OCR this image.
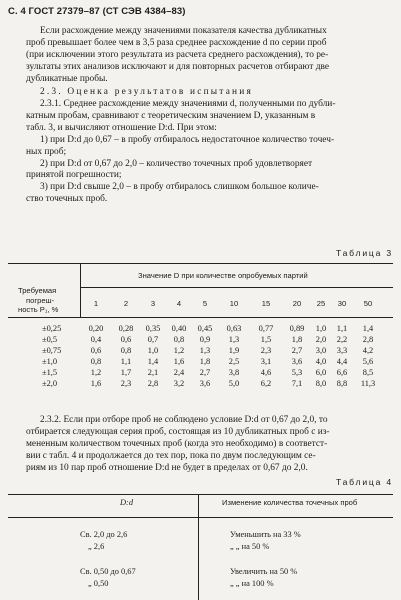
С. 4 ГОСТ 27379–87 (СТ СЭВ 4384–83)
Если расхождение между значениями показателя качества дубликатных
проб превышает более чем в 3,5 раза среднее расхождение d по серии проб
(при исключении этого результата из расчета среднего расхождения), то ре-
зультаты этих анализов исключают и для повторных расчетов отбирают две
дубликатные пробы.
2.3. Оценка результатов испытания
2.3.1. Среднее расхождение между значениями d, полученными по дубли-
катным пробам, сравнивают с теоретическим значением D, указанным в
табл. 3, и вычисляют отношение D:d. При этом:
1) при D:d до 0,67 – в пробу отбиралось недостаточное количество точеч-
ных проб;
2) при D:d от 0,67 до 2,0 – количество точечных проб удовлетворяет
принятой погрешности;
3) при D:d свыше 2,0 – в пробу отбиралось слишком большое количе-
ство точечных проб.
Таблица 3
Значение D при количестве опробуемых партий
Требуемая
погреш-
ность P₁, %
1	2	3	4	5	10	15	20	25	30	50
±0,25	0,20	0,28	0,35	0,40	0,45	0,63	0,77	0,89	1,0	1,1	1,4
±0,5	0,4	0,6	0,7	0,8	0,9	1,3	1,5	1,8	2,0	2,2	2,8
±0,75	0,6	0,8	1,0	1,2	1,3	1,9	2,3	2,7	3,0	3,3	4,2
±1,0	0,8	1,1	1,4	1,6	1,8	2,5	3,1	3,6	4,0	4,4	5,6
±1,5	1,2	1,7	2,1	2,4	2,7	3,8	4,6	5,3	6,0	6,6	8,5
±2,0	1,6	2,3	2,8	3,2	3,6	5,0	6,2	7,1	8,0	8,8	11,3
2.3.2. Если при отборе проб не соблюдено условие D:d от 0,67 до 2,0, то
отбирается следующая серия проб, состоящая из 10 дубликатных проб с из-
мененным количеством точечных проб (когда это необходимо) в соответст-
вии с табл. 4 и продолжается до тех пор, пока по двум последующим се-
риям из 10 пар проб отношение D:d не будет в пределах от 0,67 до 2,0.
Таблица 4
D:d	Изменение количества точечных проб
Св. 2,0 до 2,6	Уменьшить на 33 %
„ 2,6	„ „ на 50 %
Св. 0,50 до 0,67	Увеличить на 50 %
„ 0,50	„ „ на 100 %
